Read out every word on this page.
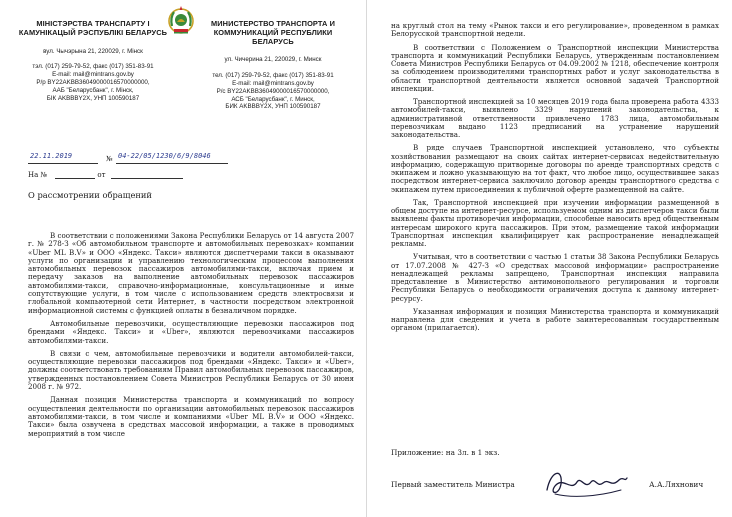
МІНІСТЭРСТВА ТРАНСПАРТУ І КАМУНІКАЦЫЙ РЭСПУБЛІКІ БЕЛАРУСЬ
вул. Чычэрына 21, 220029, г. Мінск
тэл. (017) 259-79-52, факс (017) 351-83-91
E-mail: mail@mintrans.gov.by
Р/р BY22AKBB36049000016570000000,
ААБ "Беларусбанк", г. Мінск,
БІК AKBBBY2X, УНП 100590187
МИНИСТЕРСТВО ТРАНСПОРТА И КОММУНИКАЦИЙ РЕСПУБЛИКИ БЕЛАРУСЬ
ул. Чичерина 21, 220029, г. Минск
тел. (017) 259-79-52, факс (017) 351-83-91
E-mail: mail@mintrans.gov.by
Р/с BY22AKBB36049000016570000000,
АСБ "Беларусбанк", г. Минск,
БИК AKBBBY2X, УНП 100590187
22.11.2019	№ 04-22/05/1230/6/9/8046
На №	от
О рассмотрении обращений

В соответствии с положениями Закона Республики Беларусь от 14 августа 2007 г. № 278-З «Об автомобильном транспорте и автомобильных перевозках» компании «Uber ML B.V» и ООО «Яндекс. Такси» являются диспетчерами такси в оказывают услуги по организации и управлению технологическим процессом выполнения автомобильных перевозок пассажиров автомобилями-такси, включая прием и передачу заказов на выполнение автомобильных перевозок пассажиров автомобилями-такси, справочно-информационные, консультационные и иные сопутствующие услуги, в том числе с использованием средств электросвязи и глобальной компьютерной сети Интернет, в частности посредством электронной информационной системы с функцией оплаты в безналичном порядке.

Автомобильные перевозчики, осуществляющие перевозки пассажиров под брендами «Яндекс. Такси» и «Uber», являются перевозчиками пассажиров автомобилями-такси.

В связи с чем, автомобильные перевозчики и водители автомобилей-такси, осуществляющие перевозки пассажиров под брендами «Яндекс. Такси» и «Uber», должны соответствовать требованиям Правил автомобильных перевозок пассажиров, утвержденных постановлением Совета Министров Республики Беларусь от 30 июня 2008 г. № 972.

Данная позиция Министерства транспорта и коммуникаций по вопросу осуществления деятельности по организации автомобильных перевозок пассажиров автомобилями-такси, в том числе и компаниями «Uber ML B.V» и ООО «Яндекс. Такси» была озвучена в средствах массовой информации, а также в проводимых мероприятий в том числе

на круглый стол на тему «Рынок такси и его регулирование», проведенном в рамках Белорусской транспортной недели.

В соответствии с Положением о Транспортной инспекции Министерства транспорта и коммуникаций Республики Беларусь, утвержденным постановлением Совета Министров Республики Беларусь от 04.09.2002 № 1218, обеспечение контроля за соблюдением производителями транспортных работ и услуг законодательства в области транспортной деятельности является основной задачей Транспортной инспекции.

Транспортной инспекцией за 10 месяцев 2019 года была проверена работа 4333 автомобилей-такси, выявлено 3329 нарушений законодательства, к административной ответственности привлечено 1783 лица, автомобильным перевозчикам выдано 1123 предписаний на устранение нарушений законодательства.

В ряде случаев Транспортной инспекцией установлено, что субъекты хозяйствования размещают на своих сайтах интернет-сервисах недействительную информацию, содержащую притворные договоры по аренде транспортных средств с экипажем и ложно указывающую на тот факт, что любое лицо, осуществившее заказ посредством интернет-сервиса заключило договор аренды транспортного средства с экипажем путем присоединения к публичной оферте размещенной на сайте.

Так, Транспортной инспекцией при изучении информации размещенной в общем доступе на интернет-ресурсе, используемом одним из диспетчеров такси были выявлены факты противоречия информации, способные наносить вред общественным интересам широкого круга пассажиров. При этом, размещение такой информации Транспортная инспекция квалифицирует как распространение ненадлежащей рекламы.

Учитывая, что в соответствии с частью 1 статьи 38 Закона Республики Беларусь от 17.07.2008 № 427-З «О средствах массовой информации» распространение ненадлежащей рекламы запрещено, Транспортная инспекция направила представление в Министерство антимонопольного регулирования и торговли Республики Беларусь о необходимости ограничения доступа к данному интернет-ресурсу.

Указанная информация и позиция Министерства транспорта и коммуникаций направлена для сведения и учета в работе заинтересованным государственным органом (прилагается).

Приложение: на 3л. в 1 экз.
Первый заместитель Министра	А.А.Ляхнович
